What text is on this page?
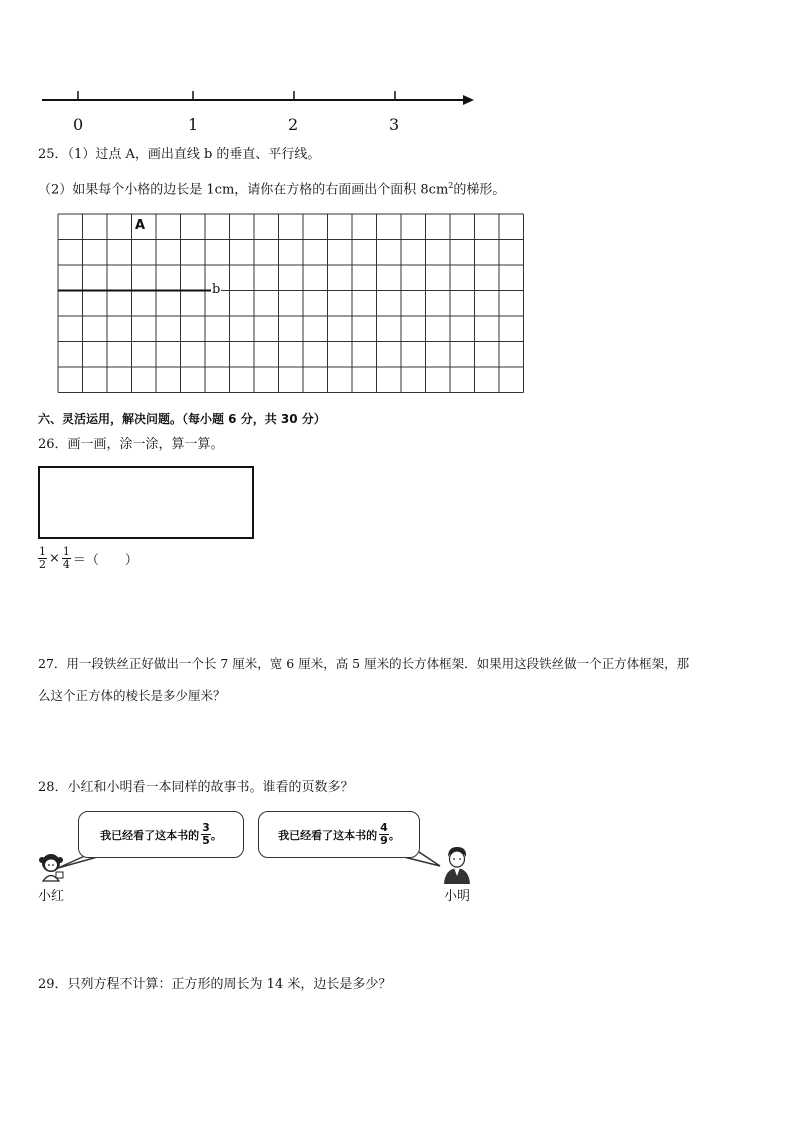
0	1	2	3
25．（1）过点 A，画出直线 b 的垂直、平行线。
（2）如果每个小格的边长是 1cm，请你在方格的右面画出个面积 $8cm^2$的梯形。
A
b
六、灵活运用，解决问题。（每小题 6 分，共 30 分）
26．画一画，涂一涂，算一算。
$\frac{1}{2} \times \frac{1}{4}$ ＝（　　）
27．用一段铁丝正好做出一个长 7 厘米，宽 6 厘米，高 5 厘米的长方体框架．如果用这段铁丝做一个正方体框架，那
么这个正方体的棱长是多少厘米？
28．小红和小明看一本同样的故事书。谁看的页数多？
我已经看了这本书的 $\frac{3}{5}$ 。	我已经看了这本书的 $\frac{4}{9}$ 。
小红	小明
29．只列方程不计算：正方形的周长为 14 米，边长是多少？
